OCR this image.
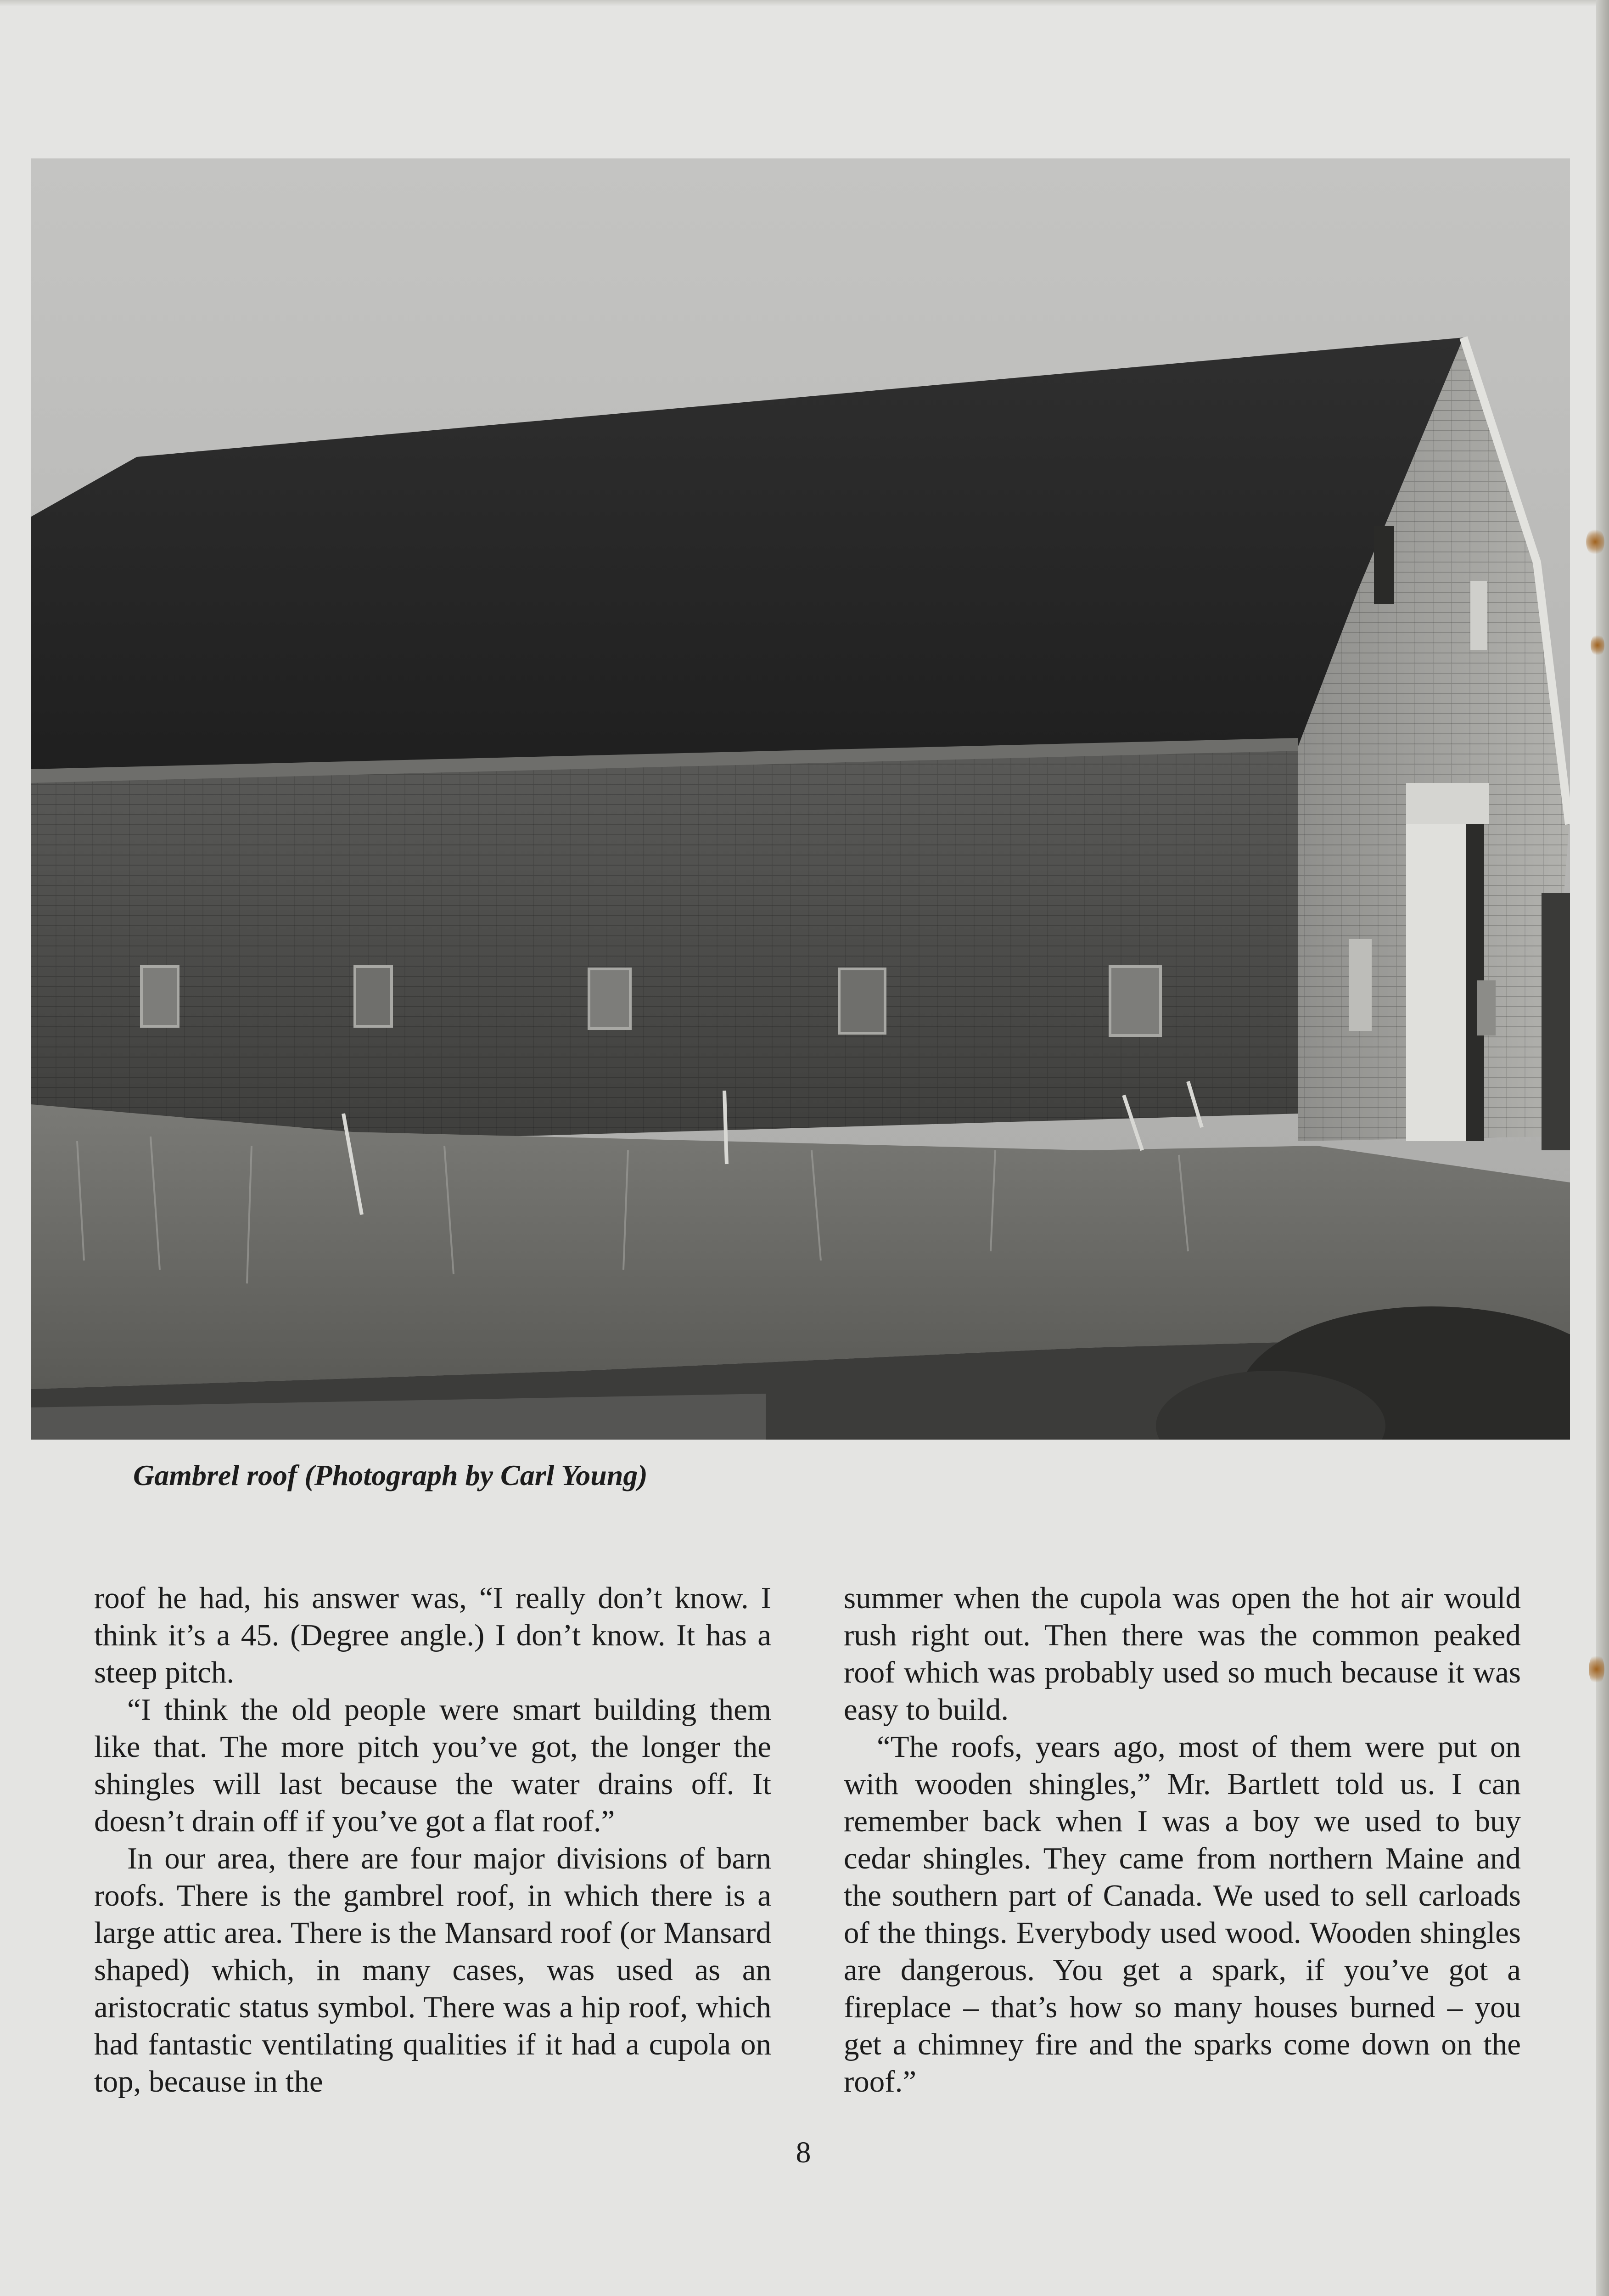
Gambrel roof (Photograph by Carl Young)

roof he had, his answer was, “I really don’t know. I think it’s a 45. (Degree angle.) I don’t know. It has a steep pitch.

“I think the old people were smart building them like that. The more pitch you’ve got, the longer the shingles will last because the water drains off. It doesn’t drain off if you’ve got a flat roof.”

In our area, there are four major divisions of barn roofs. There is the gambrel roof, in which there is a large attic area. There is the Mansard roof (or Mansard shaped) which, in many cases, was used as an aristocratic status symbol. There was a hip roof, which had fantastic ventilating qualities if it had a cupola on top, because in the

summer when the cupola was open the hot air would rush right out. Then there was the common peaked roof which was probably used so much because it was easy to build.

“The roofs, years ago, most of them were put on with wooden shingles,” Mr. Bartlett told us. I can remember back when I was a boy we used to buy cedar shingles. They came from northern Maine and the southern part of Canada. We used to sell carloads of the things. Everybody used wood. Wooden shingles are dangerous. You get a spark, if you’ve got a fireplace – that’s how so many houses burned – you get a chimney fire and the sparks come down on the roof.”

8
